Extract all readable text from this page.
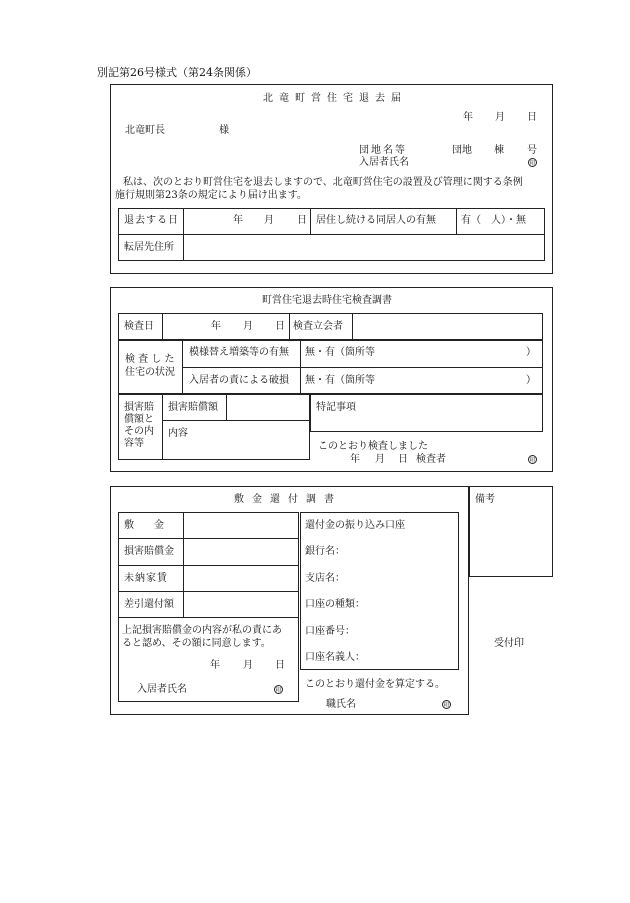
別記第26号様式（第24条関係）
北竜町営住宅退去届
年 月 日
北竜町長	様
団地名等	団地 棟 号
入居者氏名	印
私は、次のとおり町営住宅を退去しますので、北竜町営住宅の設置及び管理に関する条例
施行規則第23条の規定により届け出ます。
退去する日	年 月 日 居住し続ける同居人の有無	有（　人）・無
転居先住所
町営住宅退去時住宅検査調書
検査日	年 月 日 検査立会者
検 査 し た
住宅の状況
模様替え増築等の有無 無・有（箇所等	）
入居者の責による破損 無・有（箇所等	）
損害賠
償額と
その内
容等
損害賠償額
内容
特記事項
このとおり検査しました
年 月 日 検査者	印
敷金還付調書	備考
敷　　金
損害賠償金
未納家賃
差引還付額
上記損害賠償金の内容が私の責にあ
ると認め、その額に同意します。
年 月 日
入居者氏名	印
還付金の振り込み口座
銀行名：
支店名：
口座の種類：
口座番号：
口座名義人：
このとおり還付金を算定する。
職氏名	印
受付印
